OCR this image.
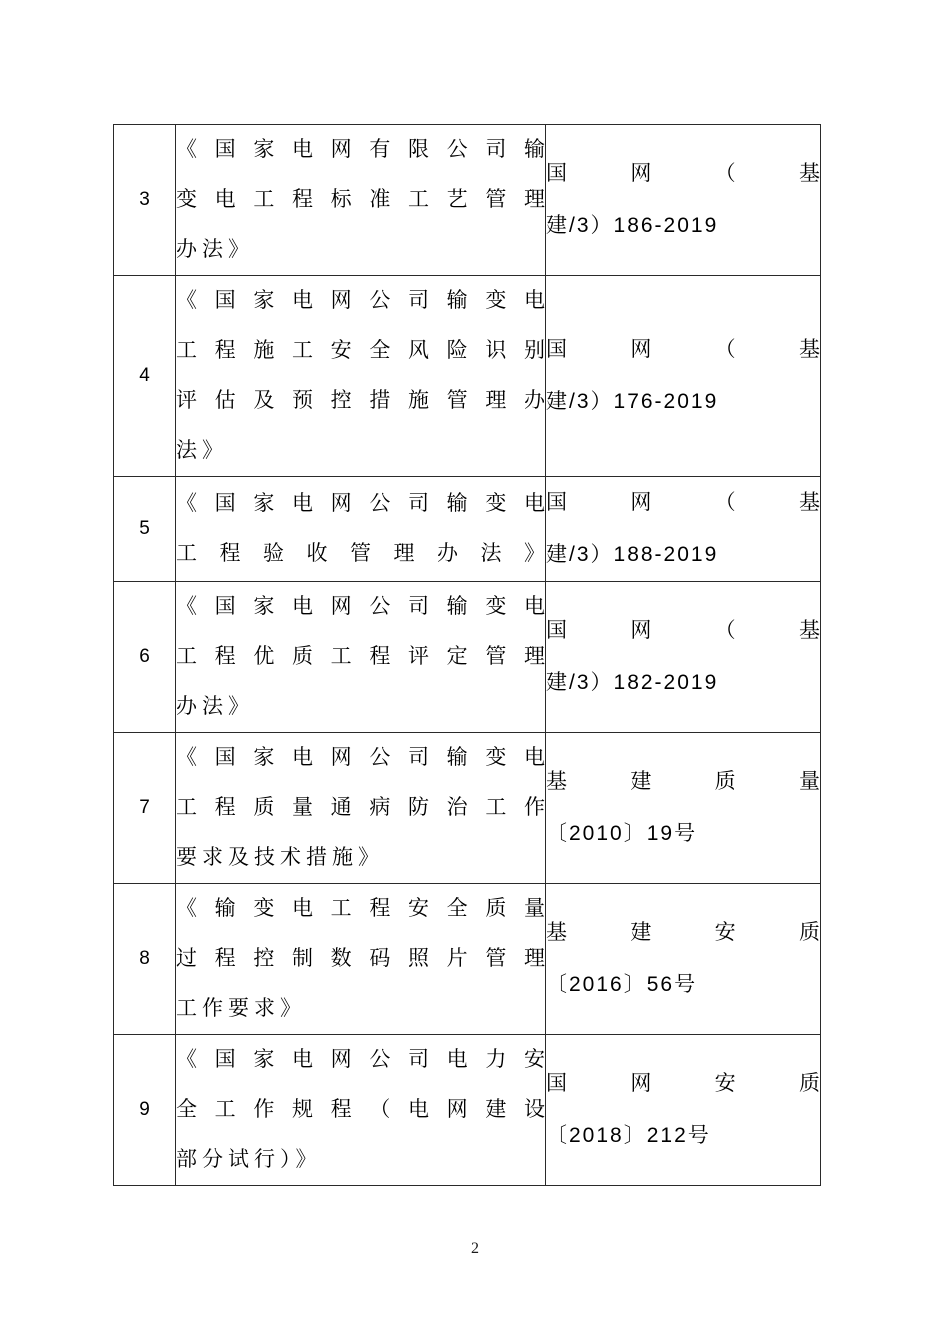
3	《国家电网有限公司输
变电工程标准工艺管理
办法》	国网（基
建/3）186-2019

4	《国家电网公司输变电
工程施工安全风险识别
评估及预控措施管理办
法》	国网（基
建/3）176-2019

5	《国家电网公司输变电
工程验收管理办法》	国网（基
建/3）188-2019

6	《国家电网公司输变电
工程优质工程评定管理
办法》	国网（基
建/3）182-2019

7	《国家电网公司输变电
工程质量通病防治工作
要求及技术措施》	基建质量
〔2010〕19号

8	《输变电工程安全质量
过程控制数码照片管理
工作要求》	基建安质
〔2016〕56号

9	《国家电网公司电力安
全工作规程（电网建设
部分试行）》	国网安质
〔2018〕212号
2
